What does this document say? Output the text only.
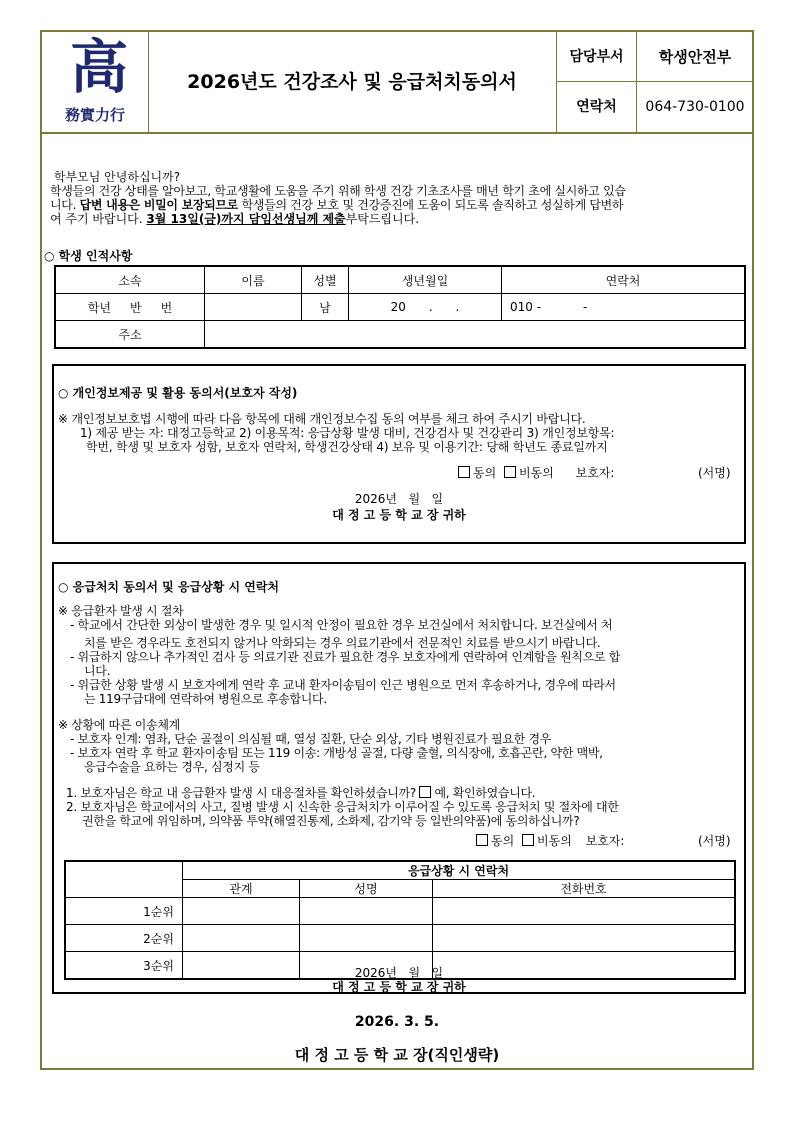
高
務實力行
2026년도 건강조사 및 응급처치동의서
담당부서	학생안전부
연락처	064-730-0100
학부모님 안녕하십니까?
학생들의 건강 상태를 알아보고, 학교생활에 도움을 주기 위해 학생 건강 기초조사를 매년 학기 초에 실시하고 있습
니다. 답변 내용은 비밀이 보장되므로 학생들의 건강 보호 및 건강증진에 도움이 되도록 솔직하고 성실하게 답변하
여 주기 바랍니다. 3월 13일(금)까지 담임선생님께 제출부탁드립니다.
○ 학생 인적사항
소속	이름	성별	생년월일	연락처
학년     반     번		남	20      .      .	010 -           -
주소				
○ 개인정보제공 및 활용 동의서(보호자 작성)
※ 개인정보보호법 시행에 따라 다음 항목에 대해 개인정보수집 동의 여부를 체크 하여 주시기 바랍니다.
1) 제공 받는 자: 대정고등학교 2) 이용목적: 응급상황 발생 대비, 건강검사 및 건강관리 3) 개인정보항목:
학번, 학생 및 보호자 성함, 보호자 연락처, 학생건강상태 4) 보유 및 이용기간: 당해 학년도 종료일까지
동의 비동의 보호자:	(서명)
2026년   월   일
대 정 고 등 학 교 장 귀하
○ 응급처치 동의서 및 응급상황 시 연락처
※ 응급환자 발생 시 절차
- 학교에서 간단한 외상이 발생한 경우 및 일시적 안정이 필요한 경우 보건실에서 처치합니다. 보건실에서 처
치를 받은 경우라도 호전되지 않거나 악화되는 경우 의료기관에서 전문적인 치료를 받으시기 바랍니다.
- 위급하지 않으나 추가적인 검사 등 의료기관 진료가 필요한 경우 보호자에게 연락하여 인계함을 원칙으로 합
니다.
- 위급한 상황 발생 시 보호자에게 연락 후 교내 환자이송팀이 인근 병원으로 먼저 후송하거나, 경우에 따라서
는 119구급대에 연락하여 병원으로 후송합니다.
※ 상황에 따른 이송체계
- 보호자 인계: 염좌, 단순 골절이 의심될 때, 열성 질환, 단순 외상, 기타 병원진료가 필요한 경우
- 보호자 연락 후 학교 환자이송팀 또는 119 이송: 개방성 골절, 다량 출혈, 의식장애, 호흡곤란, 약한 맥박,
응급수술을 요하는 경우, 심정지 등
1. 보호자님은 학교 내 응급환자 발생 시 대응절차를 확인하셨습니까? 예, 확인하였습니다.
2. 보호자님은 학교에서의 사고, 질병 발생 시 신속한 응급처치가 이루어질 수 있도록 응급처치 및 절차에 대한
권한을 학교에 위임하며, 의약품 투약(해열진통제, 소화제, 감기약 등 일반의약품)에 동의하십니까?
동의 비동의 보호자:	(서명)
	응급상황 시 연락처		
	관계	성명	전화번호
1순위			
2순위			
3순위			
2026년   월   일
대 정 고 등 학 교 장 귀하
2026. 3. 5.
대 정 고 등 학 교 장(직인생략)
